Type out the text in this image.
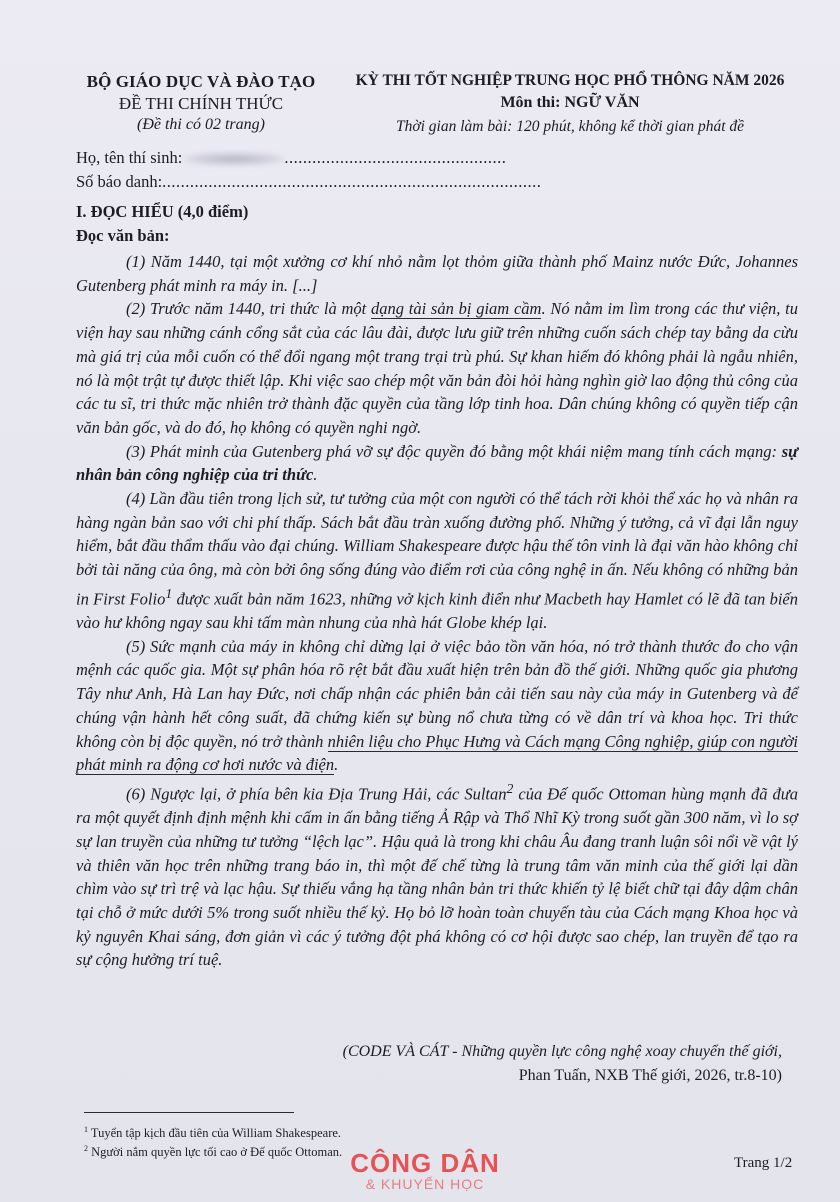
BỘ GIÁO DỤC VÀ ĐÀO TẠO
ĐỀ THI CHÍNH THỨC
(Đề thi có 02 trang)
KỲ THI TỐT NGHIỆP TRUNG HỌC PHỔ THÔNG NĂM 2026
Môn thi: NGỮ VĂN
Thời gian làm bài: 120 phút, không kể thời gian phát đề
Họ, tên thí sinh:	................................................
Số báo danh:..................................................................................
I. ĐỌC HIỂU (4,0 điểm)
Đọc văn bản:

(1) Năm 1440, tại một xưởng cơ khí nhỏ nằm lọt thỏm giữa thành phố Mainz nước Đức, Johannes Gutenberg phát minh ra máy in. [...]

(2) Trước năm 1440, tri thức là một dạng tài sản bị giam cầm. Nó nằm im lìm trong các thư viện, tu viện hay sau những cánh cổng sắt của các lâu đài, được lưu giữ trên những cuốn sách chép tay bằng da cừu mà giá trị của mỗi cuốn có thể đổi ngang một trang trại trù phú. Sự khan hiếm đó không phải là ngẫu nhiên, nó là một trật tự được thiết lập. Khi việc sao chép một văn bản đòi hỏi hàng nghìn giờ lao động thủ công của các tu sĩ, tri thức mặc nhiên trở thành đặc quyền của tầng lớp tinh hoa. Dân chúng không có quyền tiếp cận văn bản gốc, và do đó, họ không có quyền nghi ngờ.

(3) Phát minh của Gutenberg phá vỡ sự độc quyền đó bằng một khái niệm mang tính cách mạng: sự nhân bản công nghiệp của tri thức.

(4) Lần đầu tiên trong lịch sử, tư tưởng của một con người có thể tách rời khỏi thể xác họ và nhân ra hàng ngàn bản sao với chi phí thấp. Sách bắt đầu tràn xuống đường phố. Những ý tưởng, cả vĩ đại lẫn nguy hiểm, bắt đầu thẩm thấu vào đại chúng. William Shakespeare được hậu thế tôn vinh là đại văn hào không chỉ bởi tài năng của ông, mà còn bởi ông sống đúng vào điểm rơi của công nghệ in ấn. Nếu không có những bản in First Folio$^1$ được xuất bản năm 1623, những vở kịch kinh điển như Macbeth hay Hamlet có lẽ đã tan biến vào hư không ngay sau khi tấm màn nhung của nhà hát Globe khép lại.

(5) Sức mạnh của máy in không chỉ dừng lại ở việc bảo tồn văn hóa, nó trở thành thước đo cho vận mệnh các quốc gia. Một sự phân hóa rõ rệt bắt đầu xuất hiện trên bản đồ thế giới. Những quốc gia phương Tây như Anh, Hà Lan hay Đức, nơi chấp nhận các phiên bản cải tiến sau này của máy in Gutenberg và để chúng vận hành hết công suất, đã chứng kiến sự bùng nổ chưa từng có về dân trí và khoa học. Tri thức không còn bị độc quyền, nó trở thành nhiên liệu cho Phục Hưng và Cách mạng Công nghiệp, giúp con người phát minh ra động cơ hơi nước và điện.

(6) Ngược lại, ở phía bên kia Địa Trung Hải, các Sultan$^2$ của Đế quốc Ottoman hùng mạnh đã đưa ra một quyết định định mệnh khi cấm in ấn bằng tiếng Ả Rập và Thổ Nhĩ Kỳ trong suốt gần 300 năm, vì lo sợ sự lan truyền của những tư tưởng “lệch lạc”. Hậu quả là trong khi châu Âu đang tranh luận sôi nổi về vật lý và thiên văn học trên những trang báo in, thì một đế chế từng là trung tâm văn minh của thế giới lại dần chìm vào sự trì trệ và lạc hậu. Sự thiếu vắng hạ tầng nhân bản tri thức khiến tỷ lệ biết chữ tại đây dậm chân tại chỗ ở mức dưới 5% trong suốt nhiều thế kỷ. Họ bỏ lỡ hoàn toàn chuyến tàu của Cách mạng Khoa học và kỷ nguyên Khai sáng, đơn giản vì các ý tưởng đột phá không có cơ hội được sao chép, lan truyền để tạo ra sự cộng hưởng trí tuệ.

(CODE VÀ CÁT - Những quyền lực công nghệ xoay chuyển thế giới,
Phan Tuấn, NXB Thế giới, 2026, tr.8-10)
$^1$ Tuyển tập kịch đầu tiên của William Shakespeare.
$^2$ Người nắm quyền lực tối cao ở Đế quốc Ottoman. CÔNG DÂN
& KHUYẾN HỌC
Trang 1/2
